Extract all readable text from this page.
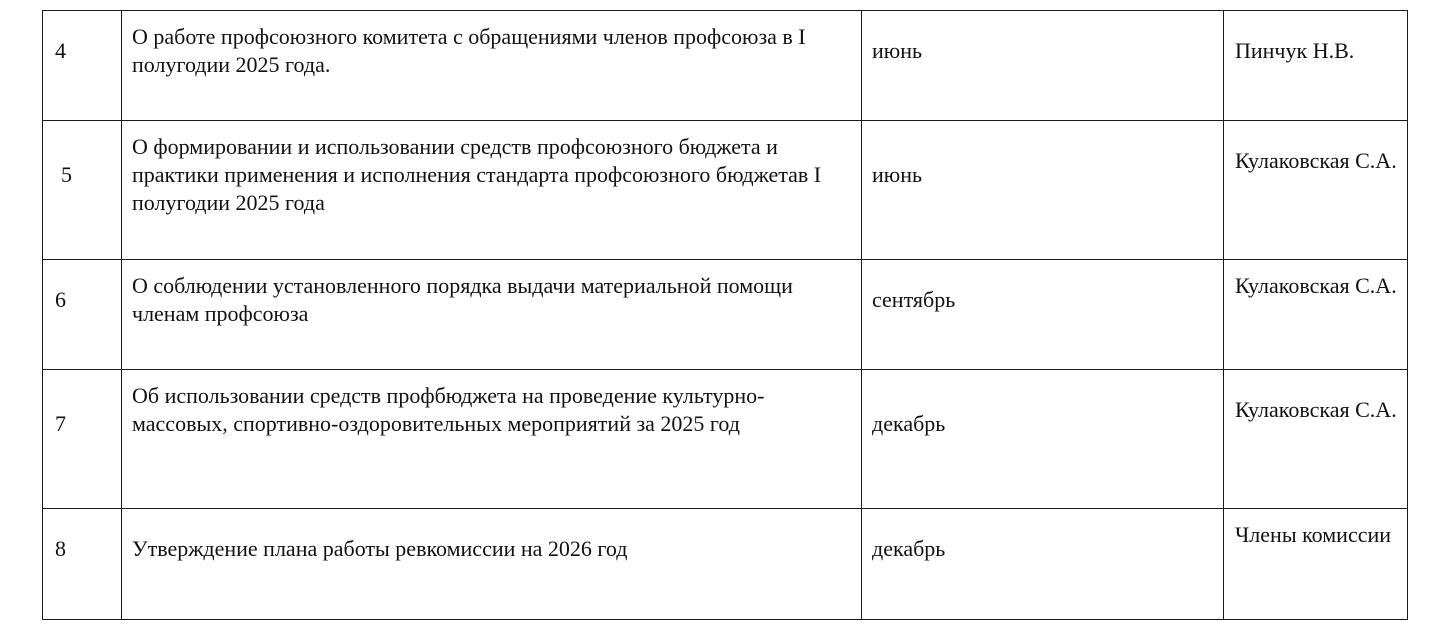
4	О работе профсоюзного комитета с обращениями членов профсоюза в I полугодии 2025 года.	июнь	Пинчук Н.В.

5	О формировании и использовании средств профсоюзного бюджета и практики применения и исполнения стандарта профсоюзного бюджетав I полугодии 2025 года	июнь	Кулаковская С.А.

6	О соблюдении установленного порядка выдачи материальной помощи членам профсоюза	сентябрь	Кулаковская С.А.

7	Об использовании средств профбюджета на проведение культурно-массовых, спортивно-оздоровительных мероприятий за 2025 год	декабрь	Кулаковская С.А.

8	Утверждение плана работы ревкомиссии на 2026 год	декабрь	Члены комиссии
